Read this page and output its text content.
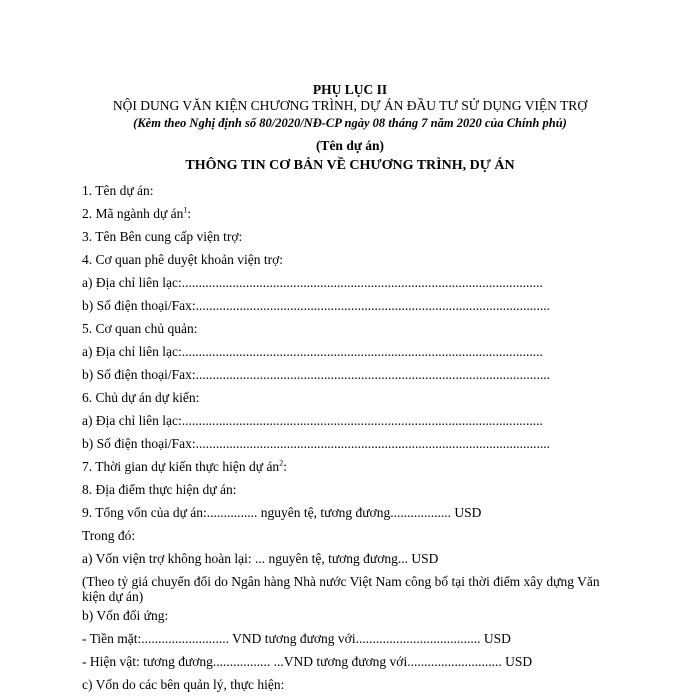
PHỤ LỤC II
NỘI DUNG VĂN KIỆN CHƯƠNG TRÌNH, DỰ ÁN ĐẦU TƯ SỬ DỤNG VIỆN TRỢ
(Kèm theo Nghị định số 80/2020/NĐ-CP ngày 08 tháng 7 năm 2020 của Chính phủ)
(Tên dự án)
THÔNG TIN CƠ BẢN VỀ CHƯƠNG TRÌNH, DỰ ÁN
1. Tên dự án:
2. Mã ngành dự $án^1$:
3. Tên Bên cung cấp viện trợ:
4. Cơ quan phê duyệt khoản viện trợ:
a) Địa chỉ liên lạc:...........................................................................................................
b) Số điện thoại/Fax:.........................................................................................................
5. Cơ quan chủ quản:
a) Địa chỉ liên lạc:...........................................................................................................
b) Số điện thoại/Fax:.........................................................................................................
6. Chủ dự án dự kiến:
a) Địa chỉ liên lạc:...........................................................................................................
b) Số điện thoại/Fax:.........................................................................................................
7. Thời gian dự kiến thực hiện dự $án^2$:
8. Địa điểm thực hiện dự án:
9. Tổng vốn của dự án:............... nguyên tệ, tương đương.................. USD
Trong đó:
a) Vốn viện trợ không hoàn lại: ... nguyên tệ, tương đương... USD
(Theo tỷ giá chuyển đổi do Ngân hàng Nhà nước Việt Nam công bố tại thời điểm xây dựng Văn
kiện dự án)
b) Vốn đối ứng:
- Tiền mặt:.......................... VND tương đương với..................................... USD
- Hiện vật: tương đương................. ...VND tương đương với............................ USD
c) Vốn do các bên quản lý, thực hiện:
